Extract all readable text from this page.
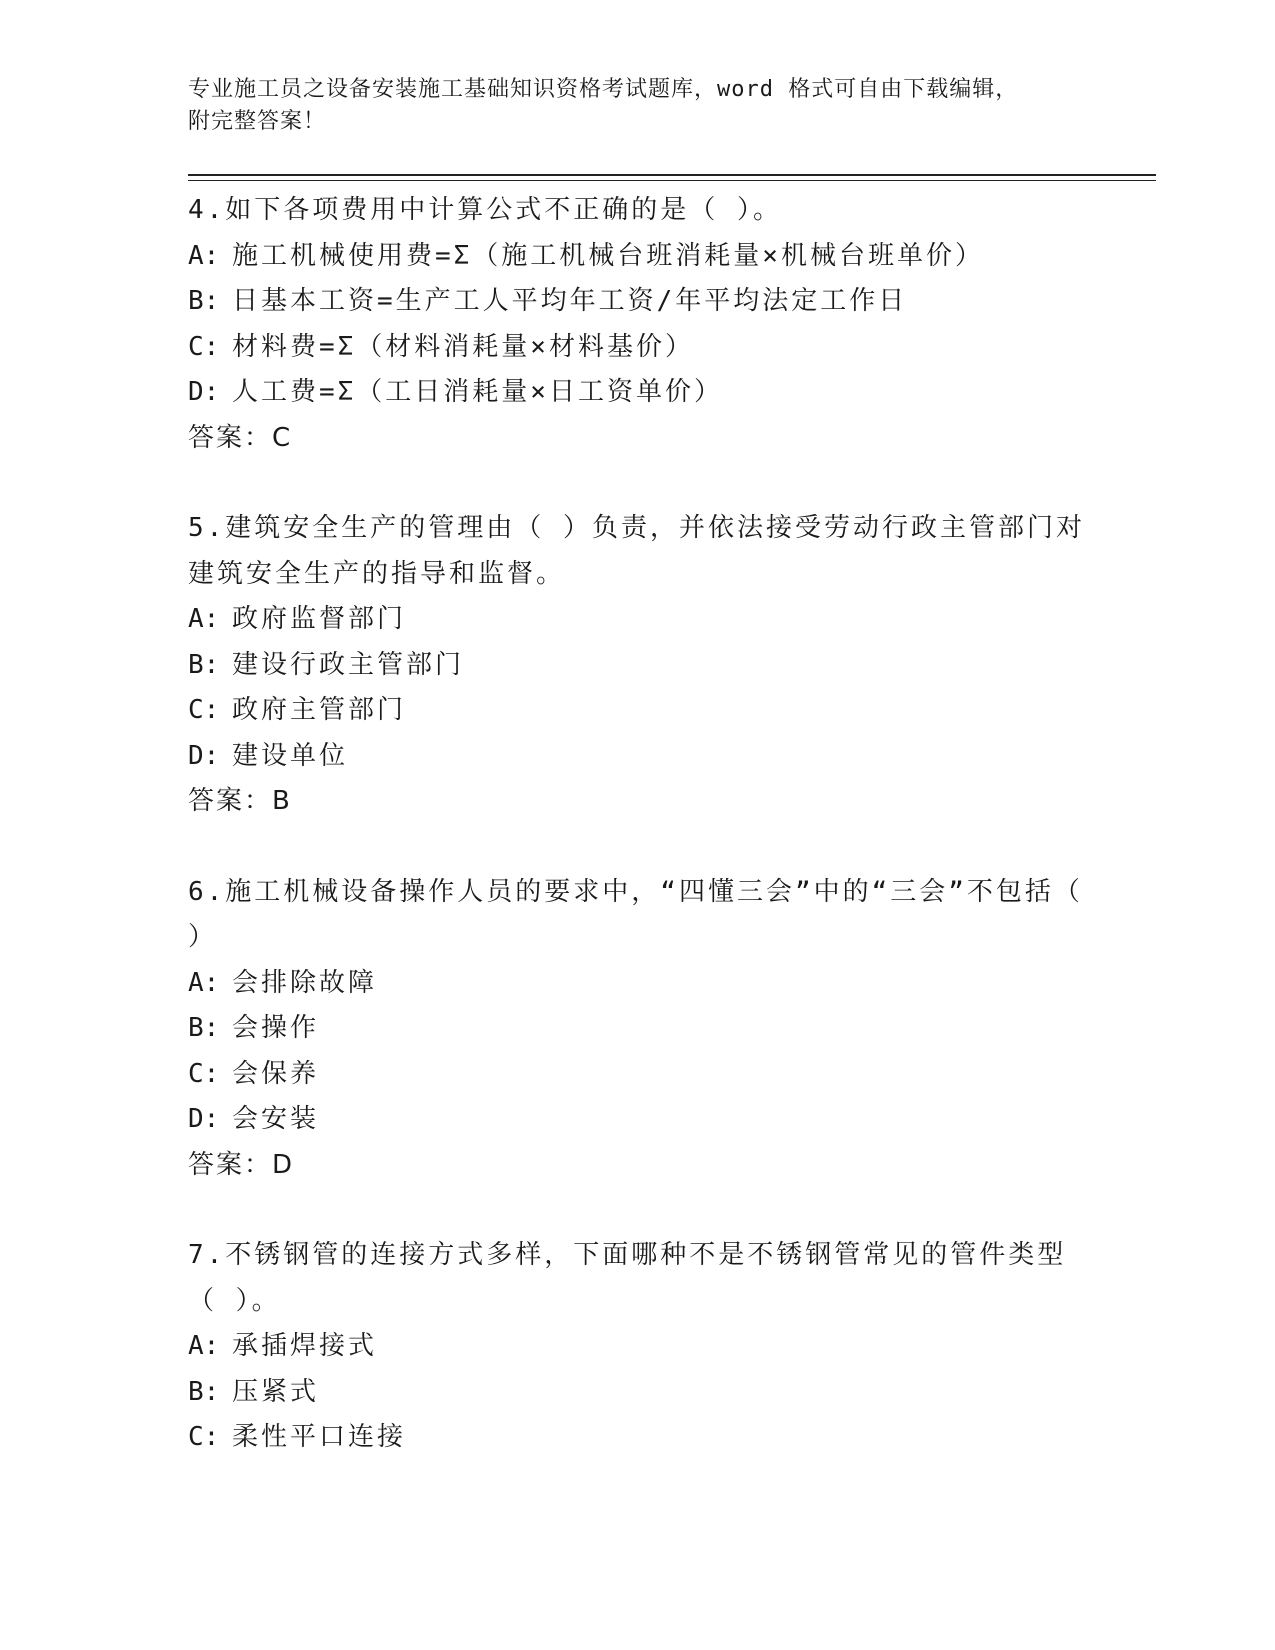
专业施工员之设备安装施工基础知识资格考试题库，word 格式可自由下载编辑，
附完整答案！
4.如下各项费用中计算公式不正确的是（ ）。
A: 施工机械使用费=Σ（施工机械台班消耗量×机械台班单价）
B: 日基本工资=生产工人平均年工资/年平均法定工作日
C: 材料费=Σ（材料消耗量×材料基价）
D: 人工费=Σ（工日消耗量×日工资单价）
答案：C
5.建筑安全生产的管理由（ ）负责，并依法接受劳动行政主管部门对建筑安全生产的指导和监督。
A: 政府监督部门
B: 建设行政主管部门
C: 政府主管部门
D: 建设单位
答案：B
6.施工机械设备操作人员的要求中，“四懂三会”中的“三会”不包括（ ）
A: 会排除故障
B: 会操作
C: 会保养
D: 会安装
答案：D
7.不锈钢管的连接方式多样，下面哪种不是不锈钢管常见的管件类型（ ）。
A: 承插焊接式
B: 压紧式
C: 柔性平口连接
